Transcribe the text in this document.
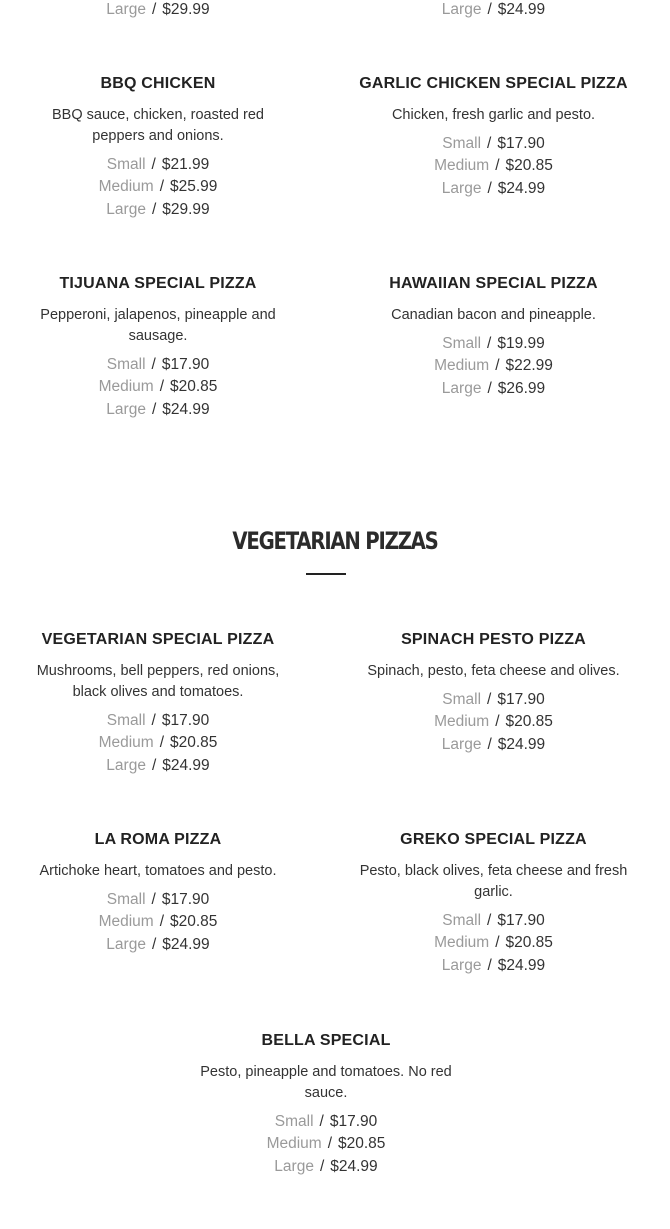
Large / $29.99	Large / $24.99
BBQ CHICKEN

BBQ sauce, chicken, roasted red peppers and onions.

Small / $21.99
Medium / $25.99
Large / $29.99
GARLIC CHICKEN SPECIAL PIZZA

Chicken, fresh garlic and pesto.

Small / $17.90
Medium / $20.85
Large / $24.99
TIJUANA SPECIAL PIZZA

Pepperoni, jalapenos, pineapple and sausage.

Small / $17.90
Medium / $20.85
Large / $24.99
HAWAIIAN SPECIAL PIZZA

Canadian bacon and pineapple.

Small / $19.99
Medium / $22.99
Large / $26.99
VEGETARIAN PIZZAS
VEGETARIAN SPECIAL PIZZA

Mushrooms, bell peppers, red onions, black olives and tomatoes.

Small / $17.90
Medium / $20.85
Large / $24.99
SPINACH PESTO PIZZA

Spinach, pesto, feta cheese and olives.

Small / $17.90
Medium / $20.85
Large / $24.99
LA ROMA PIZZA

Artichoke heart, tomatoes and pesto.

Small / $17.90
Medium / $20.85
Large / $24.99
GREKO SPECIAL PIZZA

Pesto, black olives, feta cheese and fresh garlic.

Small / $17.90
Medium / $20.85
Large / $24.99
BELLA SPECIAL

Pesto, pineapple and tomatoes. No red sauce.

Small / $17.90
Medium / $20.85
Large / $24.99
